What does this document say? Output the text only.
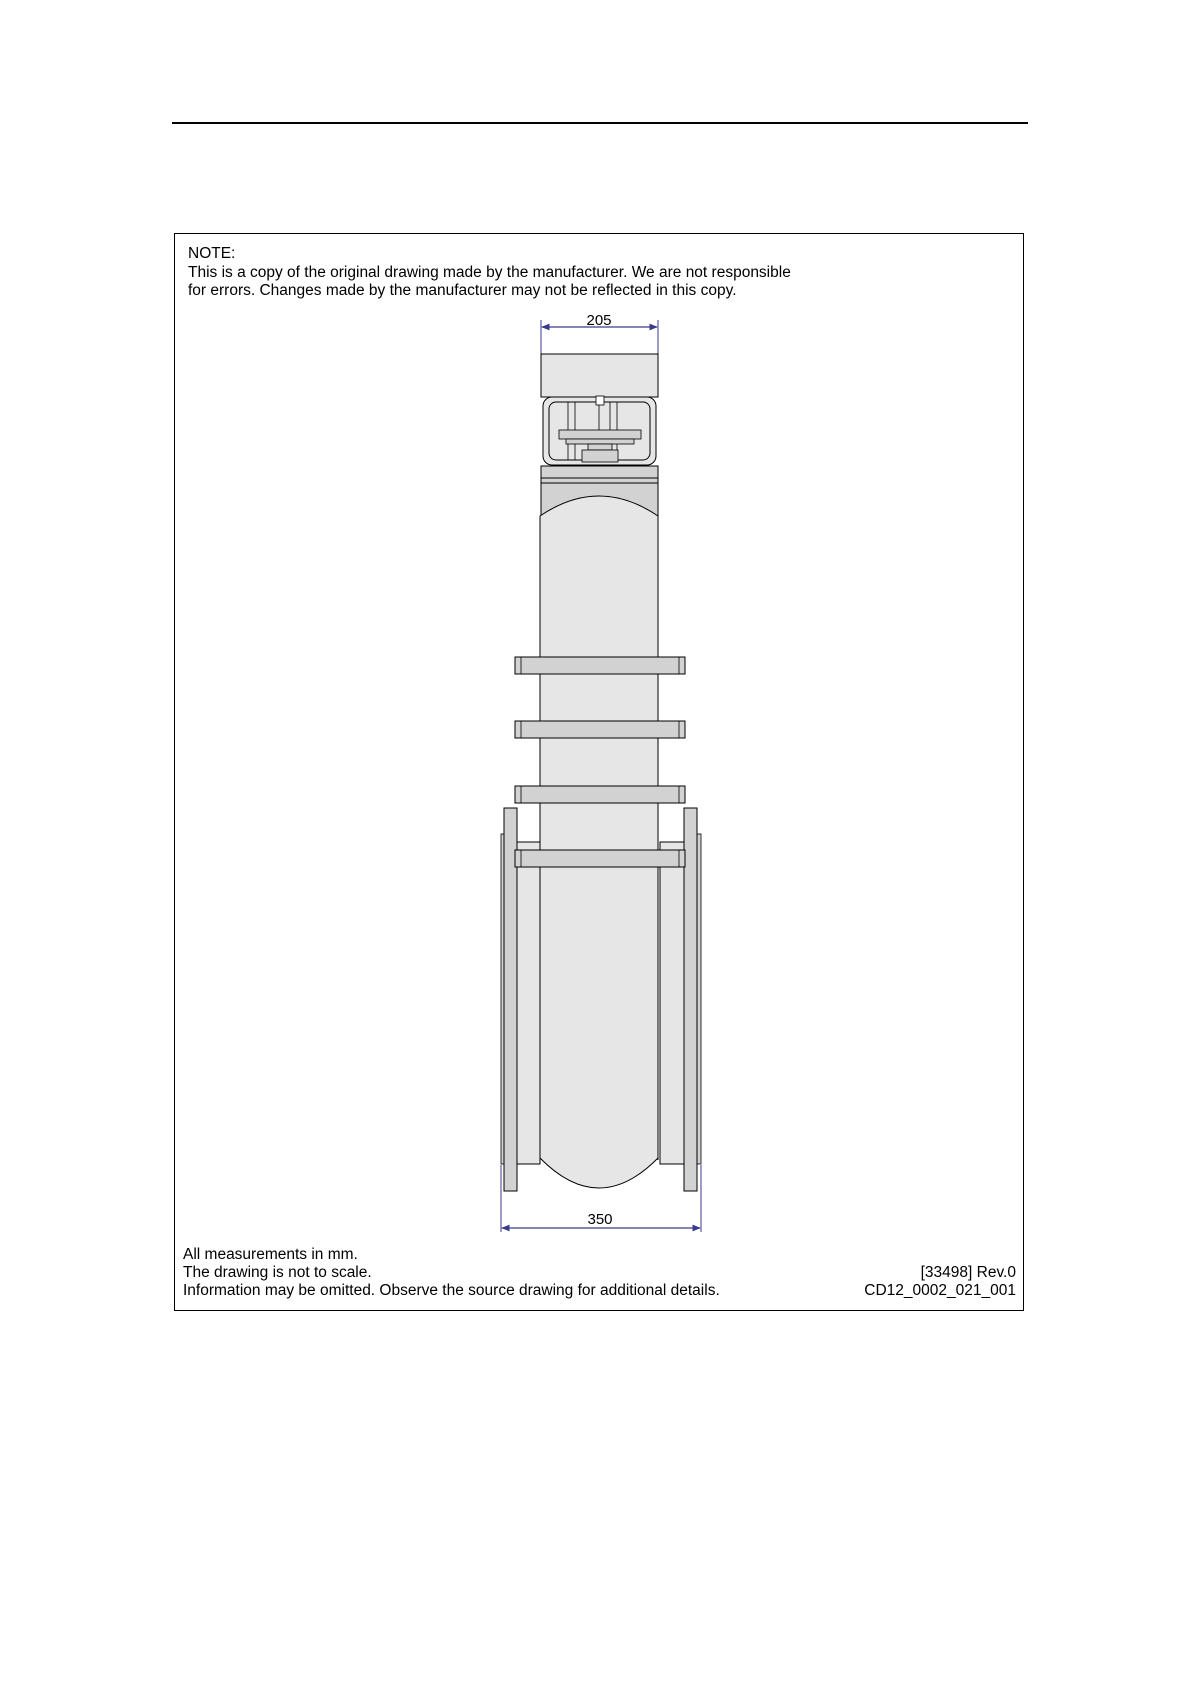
NOTE:
This is a copy of the original drawing made by the manufacturer. We are not responsible
for errors. Changes made by the manufacturer may not be reflected in this copy.
205
350
All measurements in mm.
The drawing is not to scale.
Information may be omitted. Observe the source drawing for additional details.
[33498] Rev.0
CD12_0002_021_001
